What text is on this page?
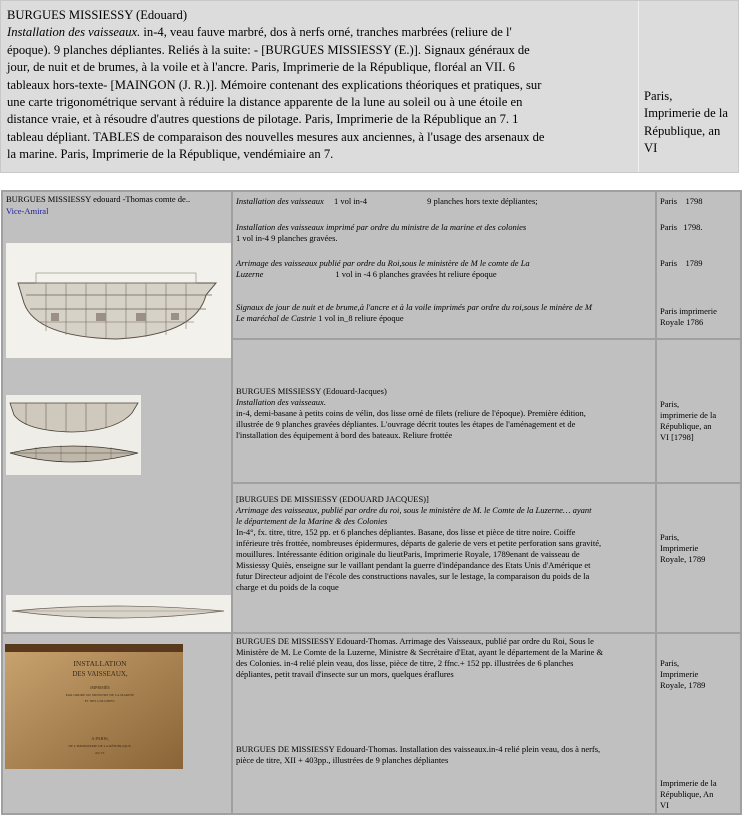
BURGUES MISSIESSY (Edouard)
Installation des vaisseaux. in-4, veau fauve marbré, dos à nerfs orné, tranches marbrées (reliure de l'
époque). 9 planches dépliantes. Reliés à la suite: - [BURGUES MISSIESSY (E.)]. Signaux généraux de
jour, de nuit et de brumes, à la voile et à l'ancre. Paris, Imprimerie de la République, floréal an VII. 6
tableaux hors-texte- [MAINGON (J. R.)]. Mémoire contenant des explications théoriques et pratiques, sur
une carte trigonométrique servant à réduire la distance apparente de la lune au soleil ou à une étoile en
distance vraie, et à résoudre d'autres questions de pilotage. Paris, Imprimerie de la République an 7. 1
tableau dépliant. TABLES de comparaison des nouvelles mesures aux anciennes, à l'usage des arsenaux de
la marine. Paris, Imprimerie de la République, vendémiaire an 7.
Paris,
Imprimerie de la
République, an
VI
BURGUES MISSIESSY edouard -Thomas comte de..
Vice-Amiral
INSTALLATION
DES VAISSEAUX,
IMPRIMÉE
PAR ORDRE DU MINISTRE DE LA MARINE
ET DES COLONIES.
A PARIS,
DE L'IMPRIMERIE DE LA RÉPUBLIQUE.
AN VI.
Installation des vaisseaux 1 vol in-4	9 planches hors texte dépliantes;
Installation des vaisseaux imprimé par ordre du ministre de la marine et des colonies
1 vol in-4 9 planches gravées.
Arrimage des vaisseaux publié par ordre du Roi,sous le ministère de M le comte de La
Luzerne	1 vol in -4 6 planches gravées ht reliure époque
Signaux de jour de nuit et de brume,à l'ancre et à la voile imprimés par ordre du roi,sous le minère de M
Le maréchal de Castrie 1 vol in_8 reliure époque
Paris    1798
Paris   1798.
Paris    1789
Paris imprimerie
Royale 1786
BURGUES MISSIESSY (Edouard-Jacques)
Installation des vaisseaux.
in-4, demi-basane à petits coins de vélin, dos lisse orné de filets (reliure de l'époque). Première édition,
illustrée de 9 planches gravées dépliantes. L'ouvrage décrit toutes les étapes de l'aménagement et de
l'installation des équipement à bord des bateaux. Reliure frottée
Paris,
imprimerie de la
République, an
VI [1798]
[BURGUES DE MISSIESSY (EDOUARD JACQUES)]
Arrimage des vaisseaux, publié par ordre du roi, sous le ministère de M. le Comte de la Luzerne… ayant
le département de la Marine & des Colonies
In-4°, fx. titre, titre, 152 pp. et 6 planches dépliantes. Basane, dos lisse et pièce de titre noire. Coiffe
inférieure très frottée, nombreuses épidermures, départs de galerie de vers et petite perforation sans gravité,
mouillures. Intéressante édition originale du lieutParis, Imprimerie Royale, 1789enant de vaisseau de
Missiessy Quiès, enseigne sur le vaillant pendant la guerre d'indépandance des Etats Unis d'Amérique et
futur Directeur adjoint de l'école des constructions navales, sur le lestage, la comparaison du poids de la
charge et du poids de la coque
Paris,
Imprimerie
Royale, 1789
BURGUES DE MISSIESSY Edouard-Thomas. Arrimage des Vaisseaux, publié par ordre du Roi, Sous le
Ministère de M. Le Comte de la Luzerne, Ministre & Secrétaire d'Etat, ayant le département de la Marine &
des Colonies. in-4 relié plein veau, dos lisse, pièce de titre, 2 ffnc.+ 152 pp. illustrées de 6 planches
dépliantes, petit travail d'insecte sur un mors, quelques éraflures
BURGUES DE MISSIESSY Edouard-Thomas. Installation des vaisseaux.in-4 relié plein veau, dos à nerfs,
pièce de titre, XII + 403pp., illustrées de 9 planches dépliantes
Paris,
Imprimerie
Royale, 1789
Imprimerie de la
République, An
VI
